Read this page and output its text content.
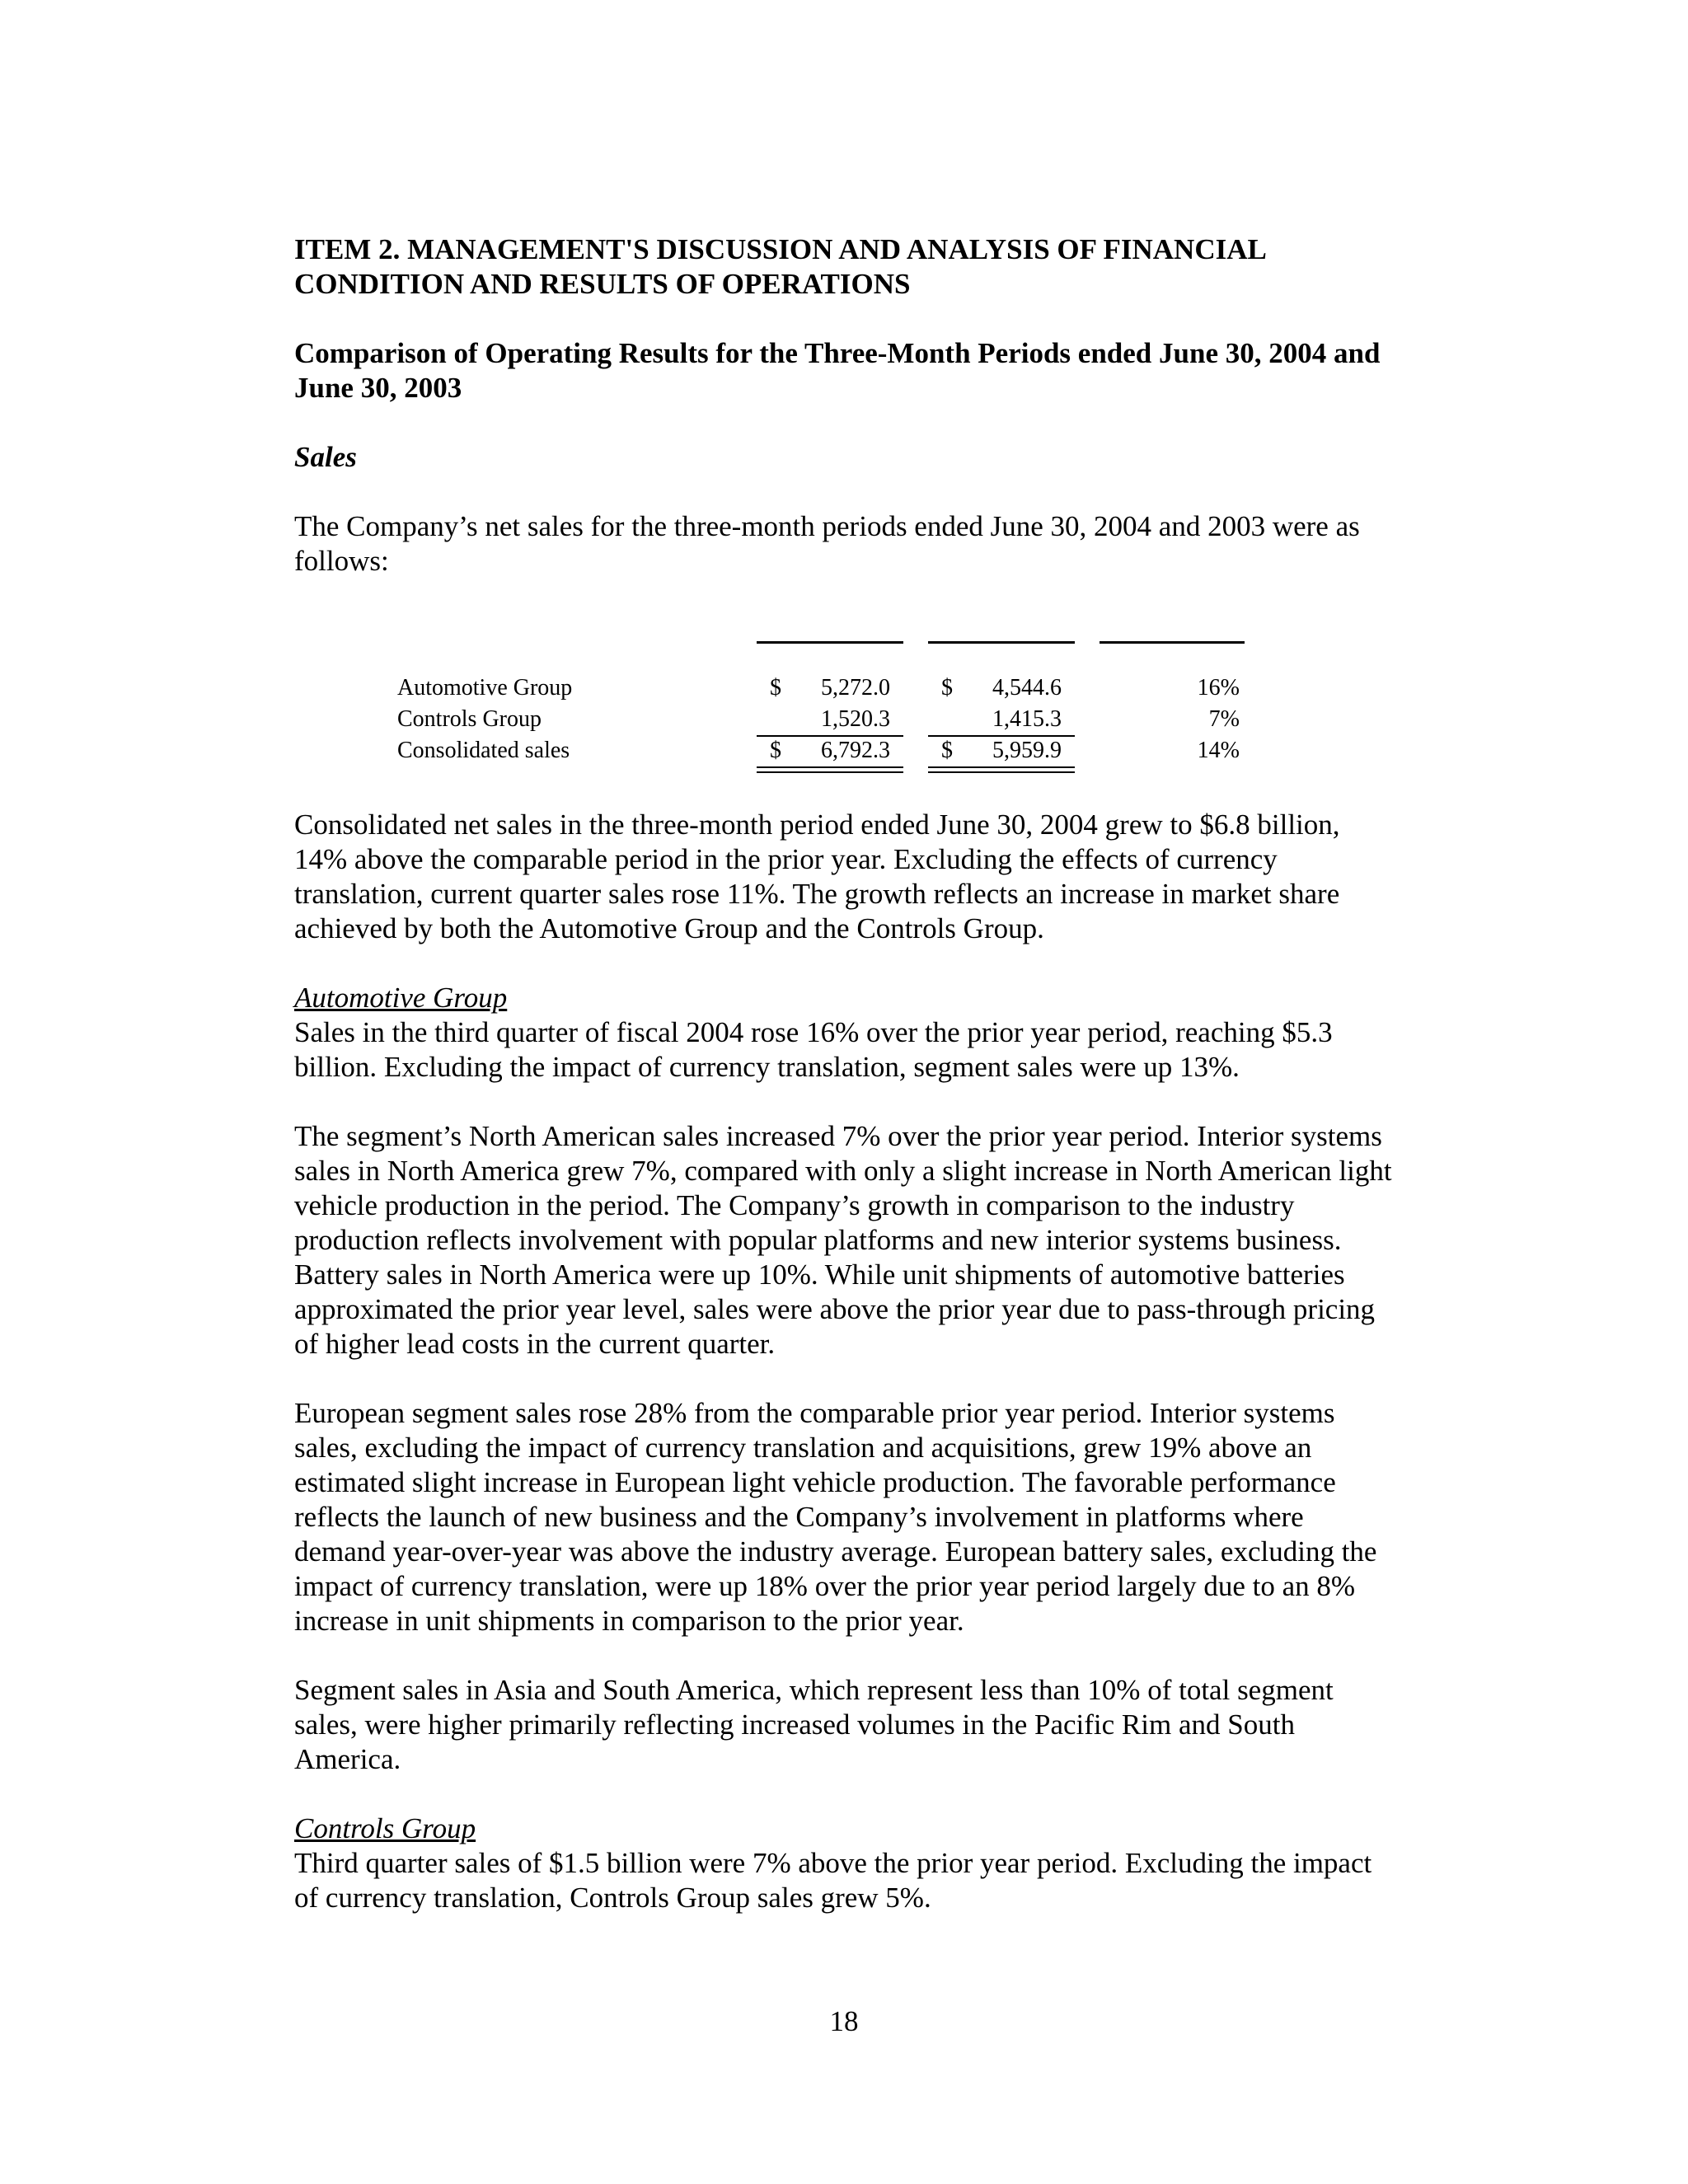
ITEM 2. MANAGEMENT'S DISCUSSION AND ANALYSIS OF FINANCIAL CONDITION AND RESULTS OF OPERATIONS
Comparison of Operating Results for the Three-Month Periods ended June 30, 2004 and June 30, 2003
Sales

The Company’s net sales for the three-month periods ended June 30, 2004 and 2003 were as follows:

Automotive Group	$	5,272.0 $	4,544.6	16%
Controls Group	1,520.3	1,415.3	7%
Consolidated sales	$	6,792.3 $	5,959.9	14%

Consolidated net sales in the three-month period ended June 30, 2004 grew to $6.8 billion, 14% above the comparable period in the prior year. Excluding the effects of currency translation, current quarter sales rose 11%. The growth reflects an increase in market share achieved by both the Automotive Group and the Controls Group.

Automotive Group

Sales in the third quarter of fiscal 2004 rose 16% over the prior year period, reaching $5.3 billion. Excluding the impact of currency translation, segment sales were up 13%.

The segment’s North American sales increased 7% over the prior year period. Interior systems sales in North America grew 7%, compared with only a slight increase in North American light vehicle production in the period. The Company’s growth in comparison to the industry production reflects involvement with popular platforms and new interior systems business. Battery sales in North America were up 10%. While unit shipments of automotive batteries approximated the prior year level, sales were above the prior year due to pass-through pricing of higher lead costs in the current quarter.

European segment sales rose 28% from the comparable prior year period. Interior systems sales, excluding the impact of currency translation and acquisitions, grew 19% above an estimated slight increase in European light vehicle production. The favorable performance reflects the launch of new business and the Company’s involvement in platforms where demand year-over-year was above the industry average. European battery sales, excluding the impact of currency translation, were up 18% over the prior year period largely due to an 8% increase in unit shipments in comparison to the prior year.

Segment sales in Asia and South America, which represent less than 10% of total segment sales, were higher primarily reflecting increased volumes in the Pacific Rim and South America.

Controls Group

Third quarter sales of $1.5 billion were 7% above the prior year period. Excluding the impact of currency translation, Controls Group sales grew 5%.

18
